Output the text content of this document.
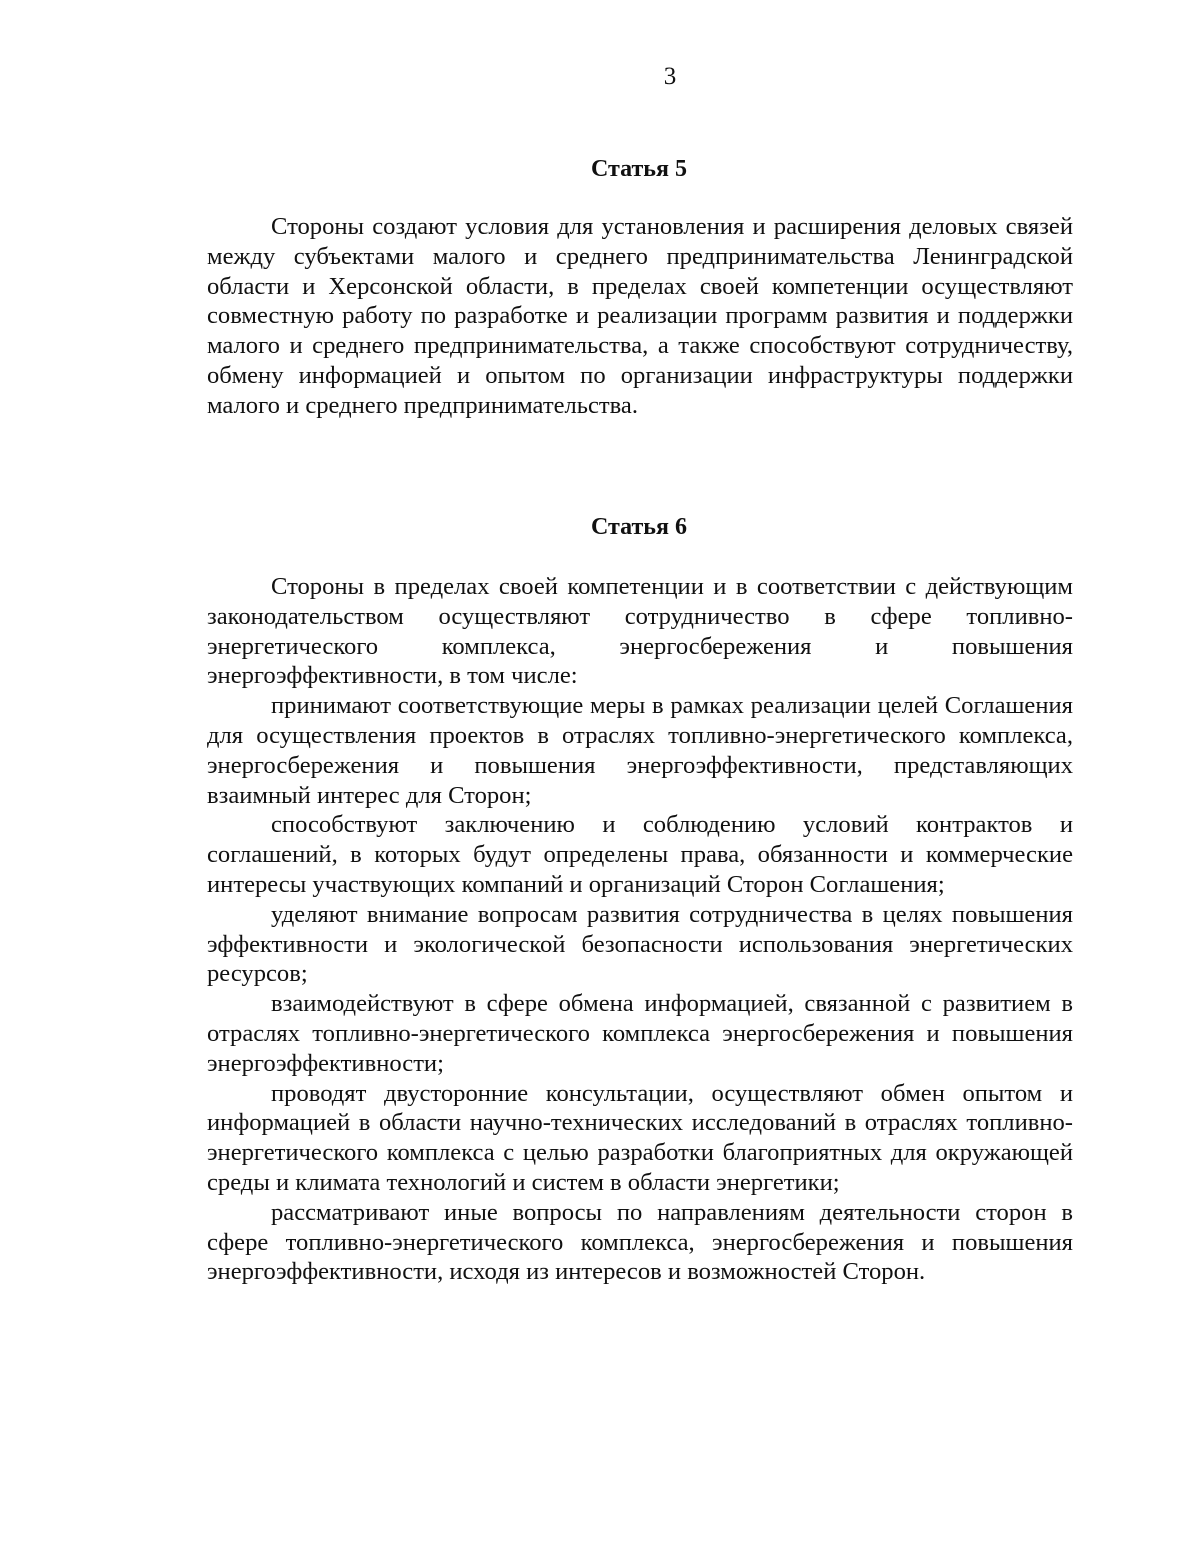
3
Статья 5

Стороны создают условия для установления и расширения деловых связей между субъектами малого и среднего предпринимательства Ленинградской области и Херсонской области, в пределах своей компетенции осуществляют совместную работу по разработке и реализации программ развития и поддержки малого и среднего предпринимательства, а также способствуют сотрудничеству, обмену информацией и опытом по организации инфраструктуры поддержки малого и среднего предпринимательства.

Статья 6

Стороны в пределах своей компетенции и в соответствии с действующим законодательством осуществляют сотрудничество в сфере топливно-энергетического комплекса, энергосбережения и повышения энергоэффективности, в том числе:

принимают соответствующие меры в рамках реализации целей Соглашения для осуществления проектов в отраслях топливно-энергетического комплекса, энергосбережения и повышения энергоэффективности, представляющих взаимный интерес для Сторон;

способствуют заключению и соблюдению условий контрактов и соглашений, в которых будут определены права, обязанности и коммерческие интересы участвующих компаний и организаций Сторон Соглашения;

уделяют внимание вопросам развития сотрудничества в целях повышения эффективности и экологической безопасности использования энергетических ресурсов;

взаимодействуют в сфере обмена информацией, связанной с развитием в отраслях топливно-энергетического комплекса энергосбережения и повышения энергоэффективности;

проводят двусторонние консультации, осуществляют обмен опытом и информацией в области научно-технических исследований в отраслях топливно-энергетического комплекса с целью разработки благоприятных для окружающей среды и климата технологий и систем в области энергетики;

рассматривают иные вопросы по направлениям деятельности сторон в сфере топливно-энергетического комплекса, энергосбережения и повышения энергоэффективности, исходя из интересов и возможностей Сторон.
